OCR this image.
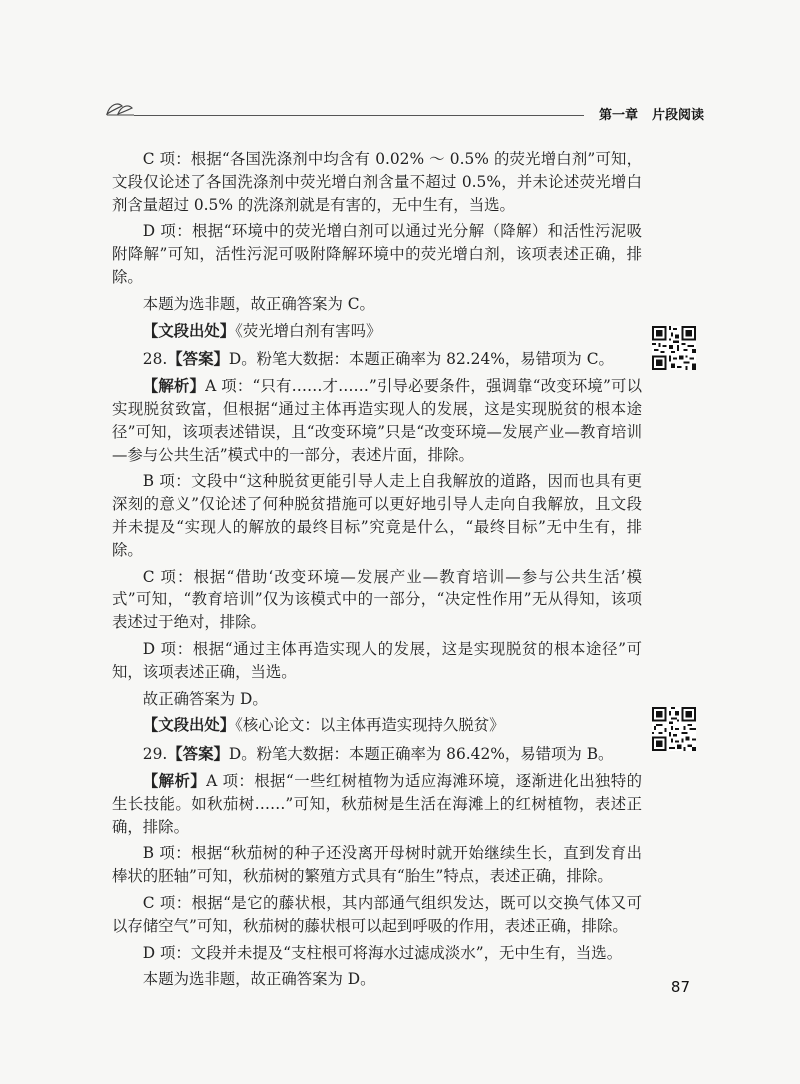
第一章 片段阅读

C 项：根据“各国洗涤剂中均含有 0.02% ～ 0.5% 的荧光增白剂”可知，文段仅论述了各国洗涤剂中荧光增白剂含量不超过 0.5%，并未论述荧光增白剂含量超过 0.5% 的洗涤剂就是有害的，无中生有，当选。

D 项：根据“环境中的荧光增白剂可以通过光分解（降解）和活性污泥吸附降解”可知，活性污泥可吸附降解环境中的荧光增白剂，该项表述正确，排除。

本题为选非题，故正确答案为 C。

【文段出处】《荧光增白剂有害吗》

28.【答案】D。粉笔大数据：本题正确率为 82.24%，易错项为 C。

【解析】A 项：“只有……才……”引导必要条件，强调靠“改变环境”可以实现脱贫致富，但根据“通过主体再造实现人的发展，这是实现脱贫的根本途径”可知，该项表述错误，且“改变环境”只是“改变环境—发展产业—教育培训—参与公共生活”模式中的一部分，表述片面，排除。

B 项：文段中“这种脱贫更能引导人走上自我解放的道路，因而也具有更深刻的意义”仅论述了何种脱贫措施可以更好地引导人走向自我解放，且文段并未提及“实现人的解放的最终目标”究竟是什么，“最终目标”无中生有，排除。

C 项：根据“借助‘改变环境—发展产业—教育培训—参与公共生活’模式”可知，“教育培训”仅为该模式中的一部分，“决定性作用”无从得知，该项表述过于绝对，排除。

D 项：根据“通过主体再造实现人的发展，这是实现脱贫的根本途径”可知，该项表述正确，当选。

故正确答案为 D。

【文段出处】《核心论文：以主体再造实现持久脱贫》

29.【答案】D。粉笔大数据：本题正确率为 86.42%，易错项为 B。

【解析】A 项：根据“一些红树植物为适应海滩环境，逐渐进化出独特的生长技能。如秋茄树……”可知，秋茄树是生活在海滩上的红树植物，表述正确，排除。

B 项：根据“秋茄树的种子还没离开母树时就开始继续生长，直到发育出棒状的胚轴”可知，秋茄树的繁殖方式具有“胎生”特点，表述正确，排除。

C 项：根据“是它的藤状根，其内部通气组织发达，既可以交换气体又可以存储空气”可知，秋茄树的藤状根可以起到呼吸的作用，表述正确，排除。

D 项：文段并未提及“支柱根可将海水过滤成淡水”，无中生有，当选。

本题为选非题，故正确答案为 D。	87
